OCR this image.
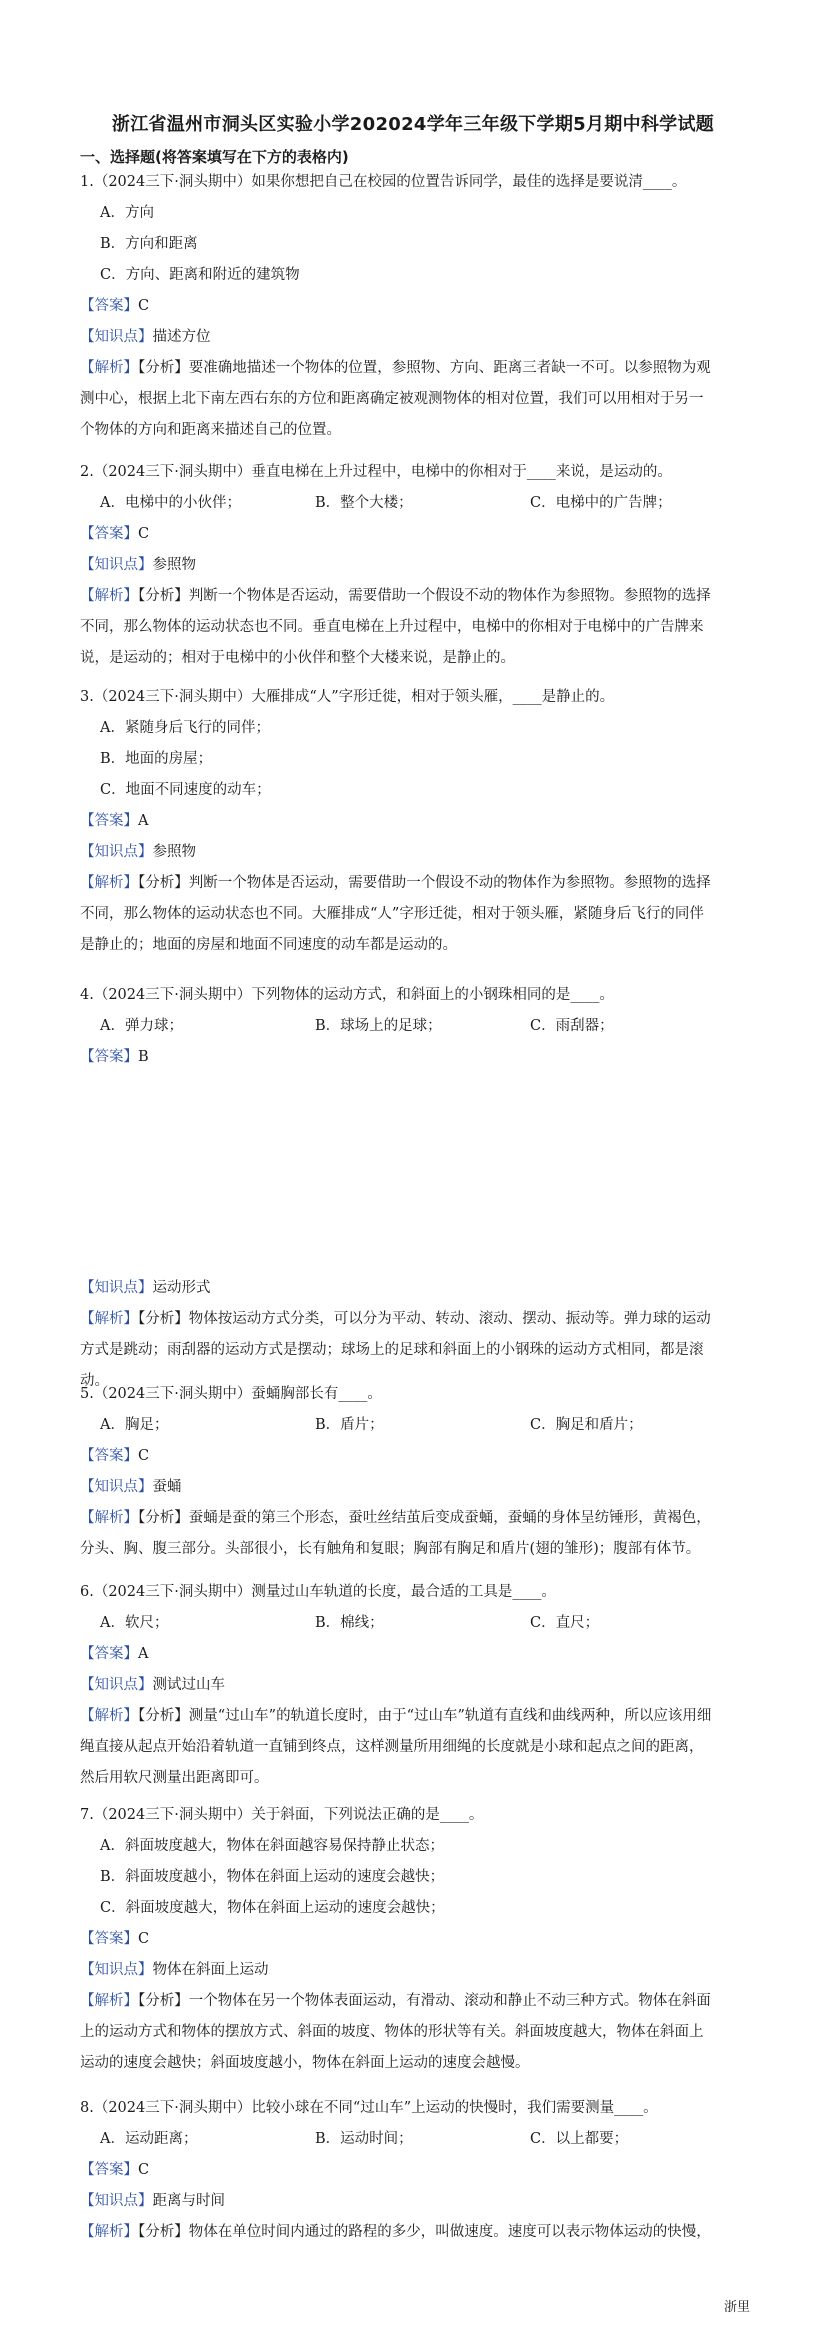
浙江省温州市洞头区实验小学202024学年三年级下学期5月期中科学试题
一、选择题(将答案填写在下方的表格内)
1.（2024三下·洞头期中）如果你想把自己在校园的位置告诉同学，最佳的选择是要说清____。
A．方向
B．方向和距离
C．方向、距离和附近的建筑物
【答案】C
【知识点】描述方位
【解析】【分析】要准确地描述一个物体的位置，参照物、方向、距离三者缺一不可。以参照物为观
测中心，根据上北下南左西右东的方位和距离确定被观测物体的相对位置，我们可以用相对于另一
个物体的方向和距离来描述自己的位置。
2.（2024三下·洞头期中）垂直电梯在上升过程中，电梯中的你相对于____来说，是运动的。
A．电梯中的小伙伴；	B．整个大楼；	C．电梯中的广告牌；
【答案】C
【知识点】参照物
【解析】【分析】判断一个物体是否运动，需要借助一个假设不动的物体作为参照物。参照物的选择
不同，那么物体的运动状态也不同。垂直电梯在上升过程中，电梯中的你相对于电梯中的广告牌来
说，是运动的；相对于电梯中的小伙伴和整个大楼来说，是静止的。
3.（2024三下·洞头期中）大雁排成“人”字形迁徙，相对于领头雁，____是静止的。
A．紧随身后飞行的同伴；
B．地面的房屋；
C．地面不同速度的动车；
【答案】A
【知识点】参照物
【解析】【分析】判断一个物体是否运动，需要借助一个假设不动的物体作为参照物。参照物的选择
不同，那么物体的运动状态也不同。大雁排成“人”字形迁徙，相对于领头雁，紧随身后飞行的同伴
是静止的；地面的房屋和地面不同速度的动车都是运动的。
4.（2024三下·洞头期中）下列物体的运动方式，和斜面上的小钢珠相同的是____。
A．弹力球；	B．球场上的足球；	C．雨刮器；
【答案】B
【知识点】运动形式
【解析】【分析】物体按运动方式分类，可以分为平动、转动、滚动、摆动、振动等。弹力球的运动
方式是跳动；雨刮器的运动方式是摆动；球场上的足球和斜面上的小钢珠的运动方式相同，都是滚
动。
5.（2024三下·洞头期中）蚕蛹胸部长有____。
A．胸足；	B．盾片；	C．胸足和盾片；
【答案】C
【知识点】蚕蛹
【解析】【分析】蚕蛹是蚕的第三个形态，蚕吐丝结茧后变成蚕蛹，蚕蛹的身体呈纺锤形，黄褐色，
分头、胸、腹三部分。头部很小，长有触角和复眼；胸部有胸足和盾片(翅的雏形)；腹部有体节。
6.（2024三下·洞头期中）测量过山车轨道的长度，最合适的工具是____。
A．软尺；	B．棉线；	C．直尺；
【答案】A
【知识点】测试过山车
【解析】【分析】测量“过山车”的轨道长度时，由于“过山车”轨道有直线和曲线两种，所以应该用细
绳直接从起点开始沿着轨道一直铺到终点，这样测量所用细绳的长度就是小球和起点之间的距离，
然后用软尺测量出距离即可。
7.（2024三下·洞头期中）关于斜面，下列说法正确的是____。
A．斜面坡度越大，物体在斜面越容易保持静止状态；
B．斜面坡度越小，物体在斜面上运动的速度会越快；
C．斜面坡度越大，物体在斜面上运动的速度会越快；
【答案】C
【知识点】物体在斜面上运动
【解析】【分析】一个物体在另一个物体表面运动，有滑动、滚动和静止不动三种方式。物体在斜面
上的运动方式和物体的摆放方式、斜面的坡度、物体的形状等有关。斜面坡度越大，物体在斜面上
运动的速度会越快；斜面坡度越小，物体在斜面上运动的速度会越慢。
8.（2024三下·洞头期中）比较小球在不同“过山车”上运动的快慢时，我们需要测量____。
A．运动距离；	B．运动时间；	C．以上都要；
【答案】C
【知识点】距离与时间
【解析】【分析】物体在单位时间内通过的路程的多少，叫做速度。速度可以表示物体运动的快慢，
浙里
